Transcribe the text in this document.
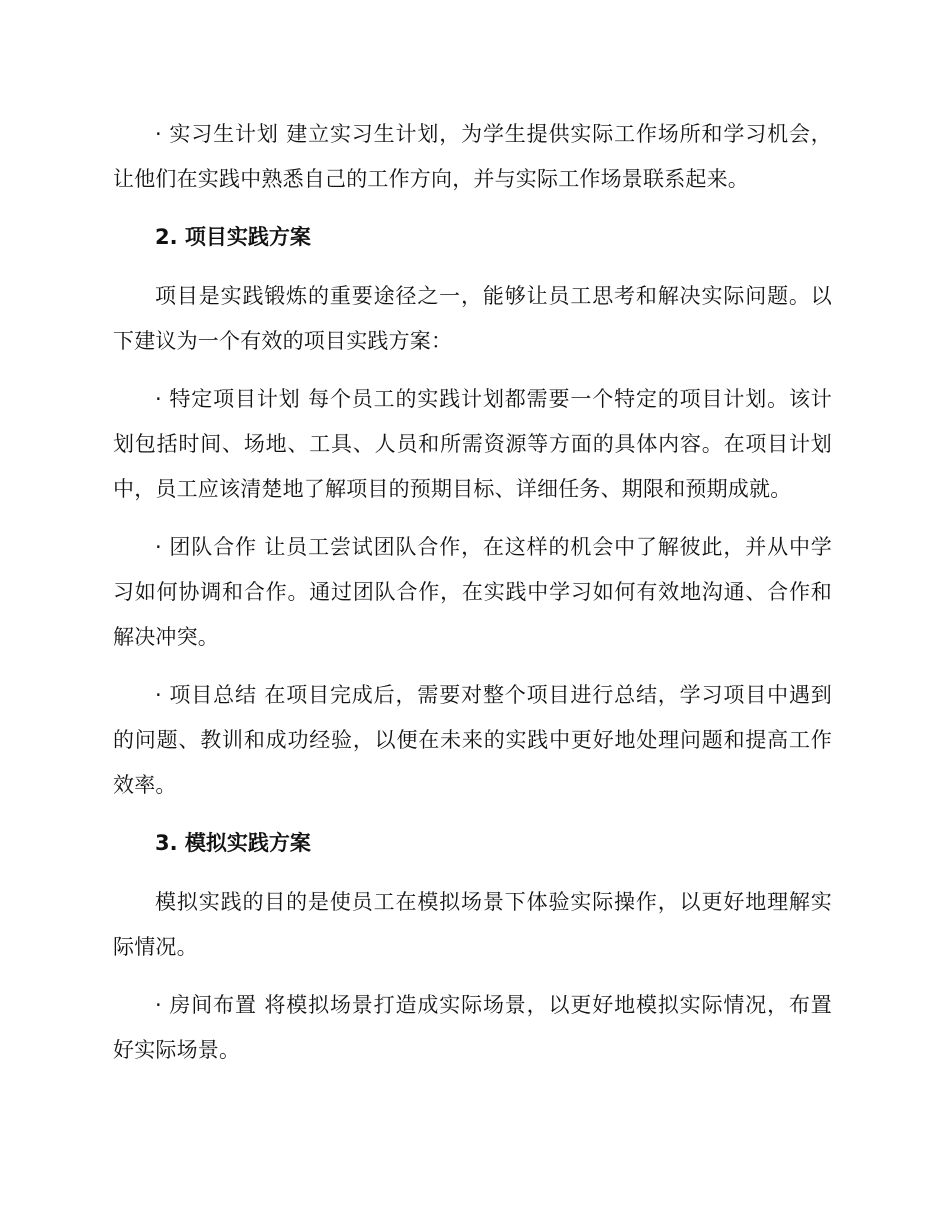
· 实习生计划 建立实习生计划，为学生提供实际工作场所和学习机会，让他们在实践中熟悉自己的工作方向，并与实际工作场景联系起来。

2. 项目实践方案

项目是实践锻炼的重要途径之一，能够让员工思考和解决实际问题。以下建议为一个有效的项目实践方案：

· 特定项目计划 每个员工的实践计划都需要一个特定的项目计划。该计划包括时间、场地、工具、人员和所需资源等方面的具体内容。在项目计划中，员工应该清楚地了解项目的预期目标、详细任务、期限和预期成就。

· 团队合作 让员工尝试团队合作，在这样的机会中了解彼此，并从中学习如何协调和合作。通过团队合作，在实践中学习如何有效地沟通、合作和解决冲突。

· 项目总结 在项目完成后，需要对整个项目进行总结，学习项目中遇到的问题、教训和成功经验，以便在未来的实践中更好地处理问题和提高工作效率。

3. 模拟实践方案

模拟实践的目的是使员工在模拟场景下体验实际操作，以更好地理解实际情况。

· 房间布置 将模拟场景打造成实际场景，以更好地模拟实际情况，布置好实际场景。
